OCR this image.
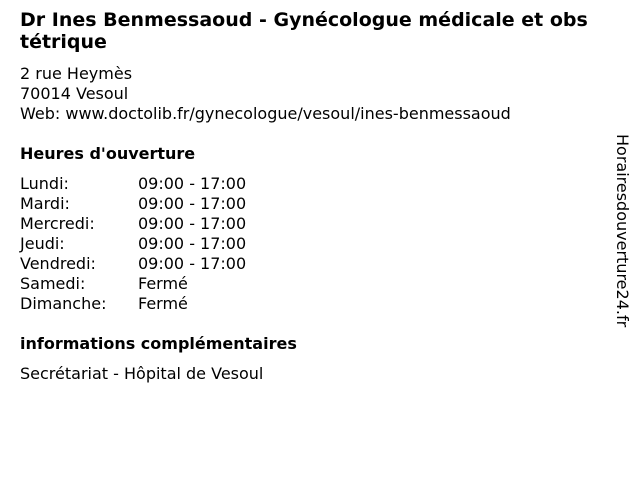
Dr Ines Benmessaoud - Gynécologue médicale et obstétrique
2 rue Heymès
70014 Vesoul
Web: www.doctolib.fr/gynecologue/vesoul/ines-benmessaoud
Heures d'ouverture
Lundi:	09:00 - 17:00
Mardi:	09:00 - 17:00
Mercredi:	09:00 - 17:00
Jeudi:	09:00 - 17:00
Vendredi:	09:00 - 17:00
Samedi:	Fermé
Dimanche: Fermé
informations complémentaires
Secrétariat - Hôpital de Vesoul
Horairesdouverture24.fr
